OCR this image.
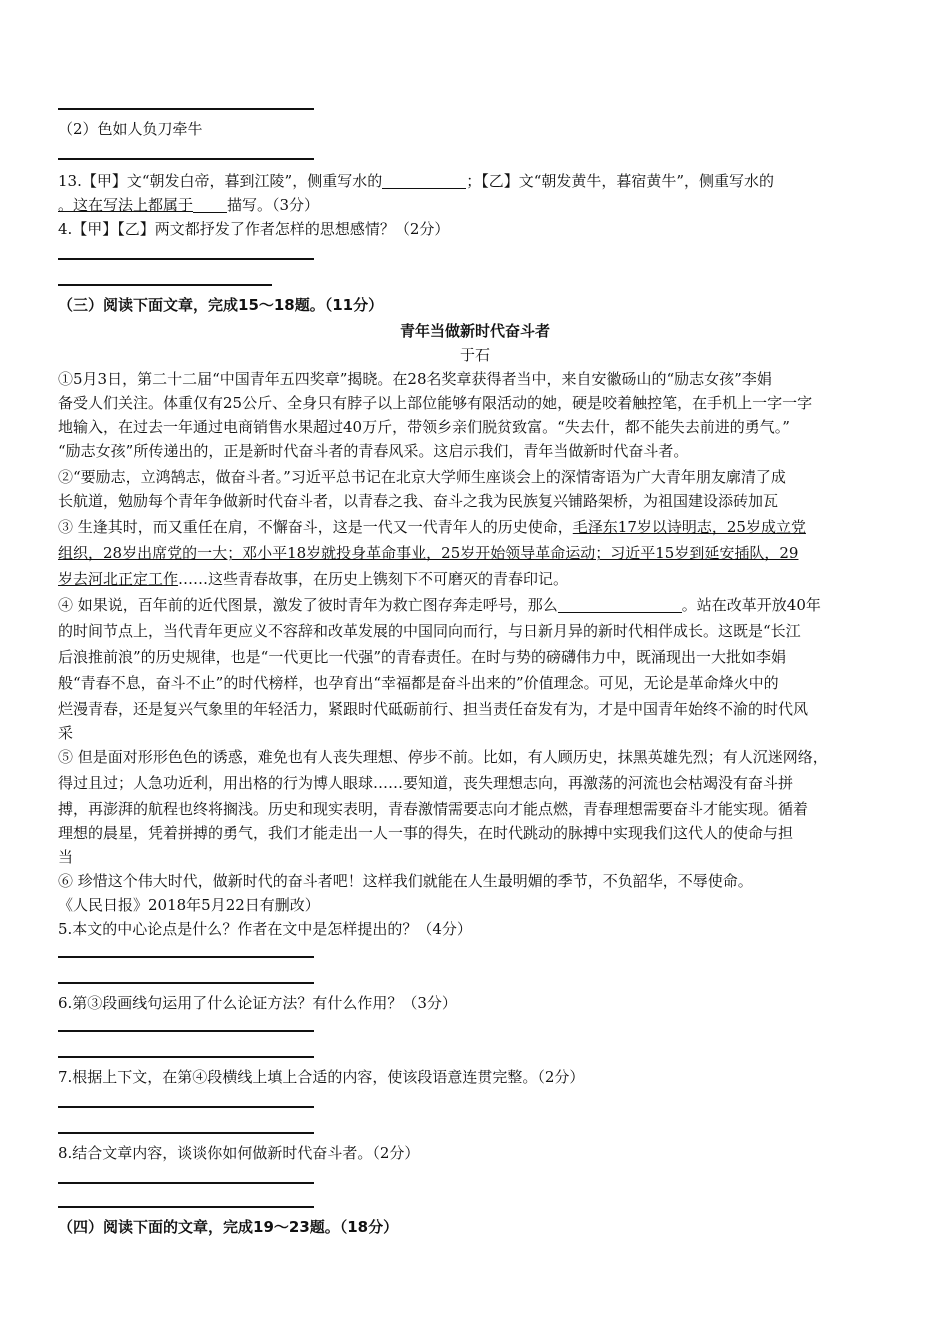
（2）色如人负刀牵牛
13.【甲】文“朝发白帝，暮到江陵”，侧重写水的	；【乙】文“朝发黄牛，暮宿黄牛”，侧重写水的
。这在写法上都属于 描写。（3分）
4.【甲】【乙】两文都抒发了作者怎样的思想感情？（2分）
（三）阅读下面文章，完成15～18题。（11分）
青年当做新时代奋斗者
于石
①5月3日，第二十二届“中国青年五四奖章”揭晓。在28名奖章获得者当中，来自安徽砀山的“励志女孩”李娟
备受人们关注。体重仅有25公斤、全身只有脖子以上部位能够有限活动的她，硬是咬着触控笔，在手机上一字一字
地输入，在过去一年通过电商销售水果超过40万斤，带领乡亲们脱贫致富。“失去什，都不能失去前进的勇气。”
“励志女孩”所传递出的，正是新时代奋斗者的青春风采。这启示我们，青年当做新时代奋斗者。
②“要励志，立鸿鹄志，做奋斗者。”习近平总书记在北京大学师生座谈会上的深情寄语为广大青年朋友廓清了成
长航道，勉励每个青年争做新时代奋斗者，以青春之我、奋斗之我为民族复兴铺路架桥，为祖国建设添砖加瓦
③ 生逢其时，而又重任在肩，不懈奋斗，这是一代又一代青年人的历史使命，毛泽东17岁以诗明志，25岁成立党
组织，28岁出席党的一大；邓小平18岁就投身革命事业，25岁开始领导革命运动；习近平15岁到延安插队，29
岁去河北正定工作……这些青春故事，在历史上镌刻下不可磨灭的青春印记。
④ 如果说，百年前的近代图景，激发了彼时青年为救亡图存奔走呼号，那么	。站在改革开放40年
的时间节点上，当代青年更应义不容辞和改革发展的中国同向而行，与日新月异的新时代相伴成长。这既是“长江
后浪推前浪”的历史规律，也是“一代更比一代强”的青春责任。在时与势的磅礴伟力中，既涌现出一大批如李娟
般“青春不息，奋斗不止”的时代榜样，也孕育出“幸福都是奋斗出来的”价值理念。可见，无论是革命烽火中的
烂漫青春，还是复兴气象里的年轻活力，紧跟时代砥砺前行、担当责任奋发有为，才是中国青年始终不渝的时代风
采
⑤ 但是面对形形色色的诱惑，难免也有人丧失理想、停步不前。比如，有人顾历史，抹黑英雄先烈；有人沉迷网络，
得过且过；人急功近利，用出格的行为博人眼球……要知道，丧失理想志向，再激荡的河流也会枯竭没有奋斗拼
搏，再澎湃的航程也终将搁浅。历史和现实表明，青春激情需要志向才能点燃，青春理想需要奋斗才能实现。循着
理想的晨星，凭着拼搏的勇气，我们才能走出一人一事的得失，在时代跳动的脉搏中实现我们这代人的使命与担
当
⑥ 珍惜这个伟大时代，做新时代的奋斗者吧！这样我们就能在人生最明媚的季节，不负韶华，不辱使命。
《人民日报》2018年5月22日有删改）
5.本文的中心论点是什么？作者在文中是怎样提出的？（4分）
6.第③段画线句运用了什么论证方法？有什么作用？（3分）
7.根据上下文，在第④段横线上填上合适的内容，使该段语意连贯完整。（2分）
8.结合文章内容，谈谈你如何做新时代奋斗者。（2分）
（四）阅读下面的文章，完成19～23题。（18分）
